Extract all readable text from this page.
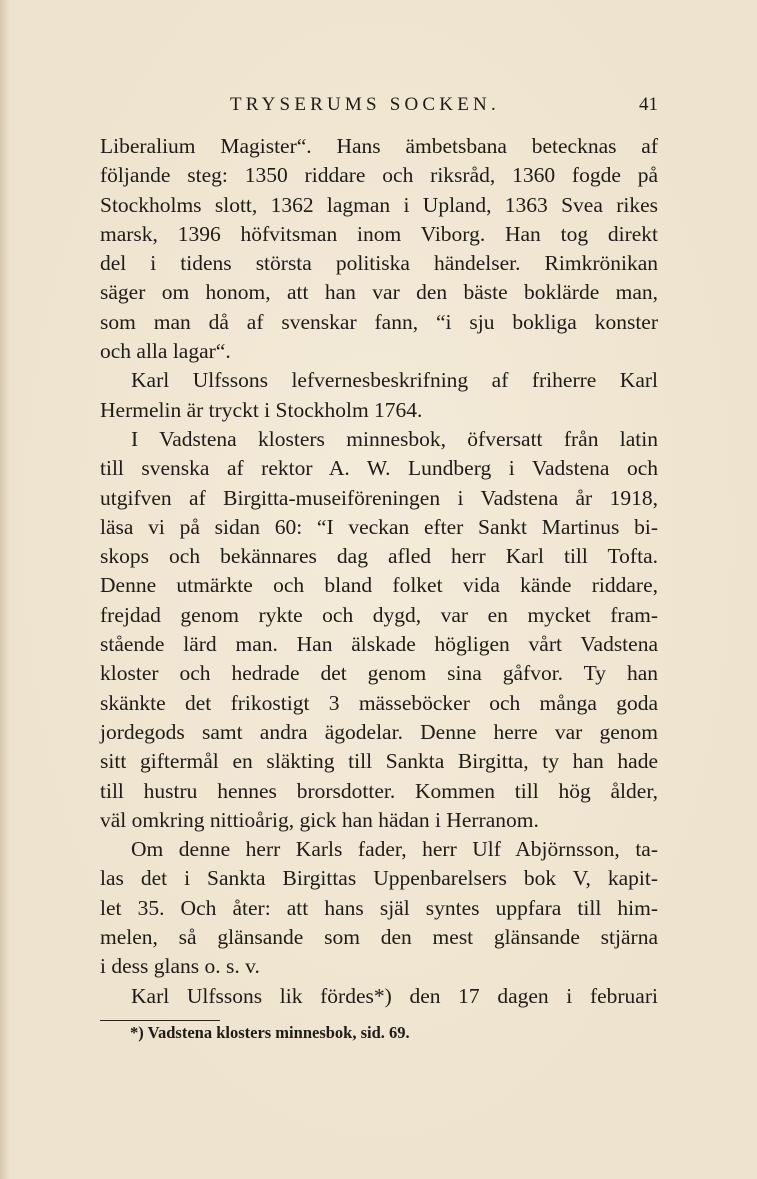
TRYSERUMS SOCKEN.	41
Liberalium Magister“. Hans ämbetsbana betecknas af
följande steg: 1350 riddare och riksråd, 1360 fogde på
Stockholms slott, 1362 lagman i Upland, 1363 Svea rikes
marsk, 1396 höfvitsman inom Viborg. Han tog direkt
del i tidens största politiska händelser. Rimkrönikan
säger om honom, att han var den bäste boklärde man,
som man då af svenskar fann, “i sju bokliga konster
och alla lagar“.
Karl Ulfssons lefvernesbeskrifning af friherre Karl
Hermelin är tryckt i Stockholm 1764.
I Vadstena klosters minnesbok, öfversatt från latin
till svenska af rektor A. W. Lundberg i Vadstena och
utgifven af Birgitta-museiföreningen i Vadstena år 1918,
läsa vi på sidan 60: “I veckan efter Sankt Martinus bi-
skops och bekännares dag afled herr Karl till Tofta.
Denne utmärkte och bland folket vida kände riddare,
frejdad genom rykte och dygd, var en mycket fram-
stående lärd man. Han älskade högligen vårt Vadstena
kloster och hedrade det genom sina gåfvor. Ty han
skänkte det frikostigt 3 mässeböcker och många goda
jordegods samt andra ägodelar. Denne herre var genom
sitt giftermål en släkting till Sankta Birgitta, ty han hade
till hustru hennes brorsdotter. Kommen till hög ålder,
väl omkring nittioårig, gick han hädan i Herranom.
Om denne herr Karls fader, herr Ulf Abjörnsson, ta-
las det i Sankta Birgittas Uppenbarelsers bok V, kapit-
let 35. Och åter: att hans själ syntes uppfara till him-
melen, så glänsande som den mest glänsande stjärna
i dess glans o. s. v.
Karl Ulfssons lik fördes*) den 17 dagen i februari
*) Vadstena klosters minnesbok, sid. 69.
